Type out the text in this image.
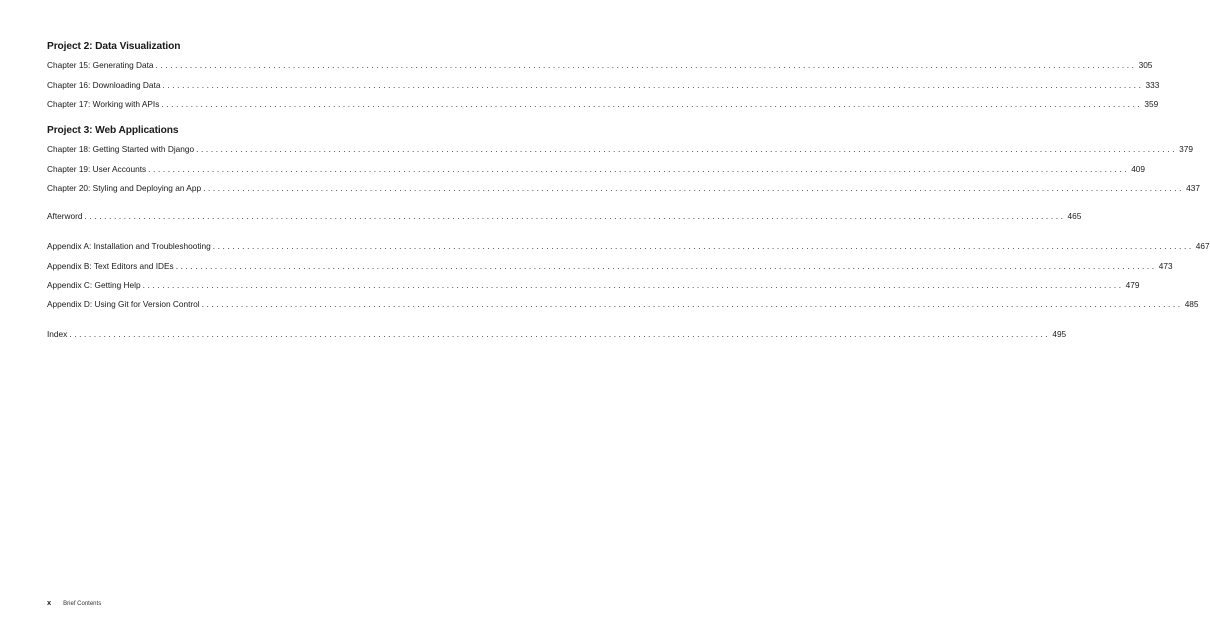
Project 2: Data Visualization
Chapter 15: Generating Data ........................................................................................................................................................................................................ 305
Chapter 16: Downloading Data ........................................................................................................................................................................................................ 333
Chapter 17: Working with APIs ........................................................................................................................................................................................................ 359
Project 3: Web Applications
Chapter 18: Getting Started with Django ........................................................................................................................................................................................................ 379
Chapter 19: User Accounts ........................................................................................................................................................................................................ 409
Chapter 20: Styling and Deploying an App ........................................................................................................................................................................................................ 437
Afterword ........................................................................................................................................................................................................ 465
Appendix A: Installation and Troubleshooting ........................................................................................................................................................................................................ 467
Appendix B: Text Editors and IDEs ........................................................................................................................................................................................................ 473
Appendix C: Getting Help ........................................................................................................................................................................................................ 479
Appendix D: Using Git for Version Control ........................................................................................................................................................................................................ 485
Index ........................................................................................................................................................................................................ 495
x Brief Contents
